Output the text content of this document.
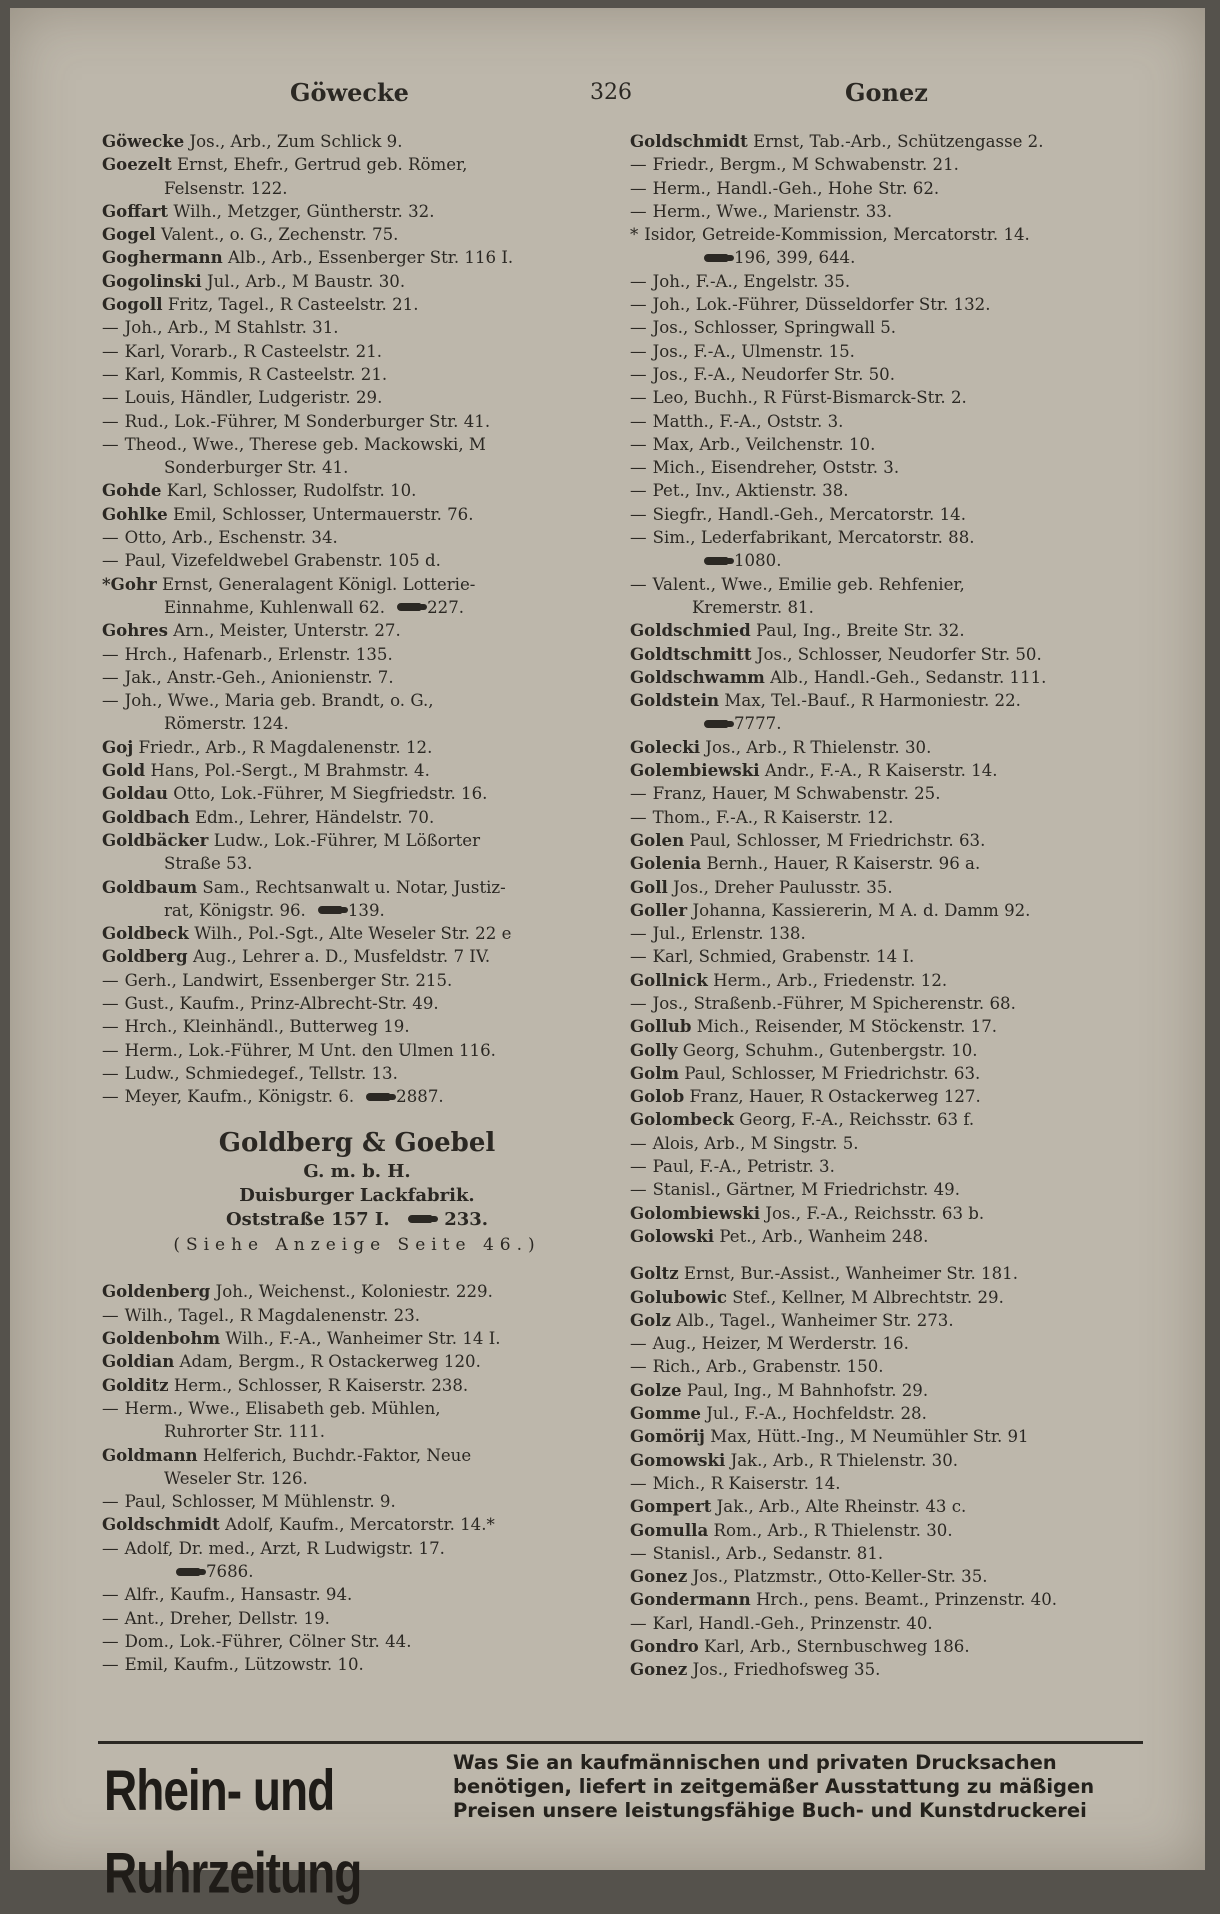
Göwecke	326	Gonez
Göwecke Jos., Arb., Zum Schlick 9.
Goezelt Ernst, Ehefr., Gertrud geb. Römer,
Felsenstr. 122.
Goffart Wilh., Metzger, Güntherstr. 32.
Gogel Valent., o. G., Zechenstr. 75.
Goghermann Alb., Arb., Essenberger Str. 116 I.
Gogolinski Jul., Arb., M Baustr. 30.
Gogoll Fritz, Tagel., R Casteelstr. 21.
— Joh., Arb., M Stahlstr. 31.
— Karl, Vorarb., R Casteelstr. 21.
— Karl, Kommis, R Casteelstr. 21.
— Louis, Händler, Ludgeristr. 29.
— Rud., Lok.-Führer, M Sonderburger Str. 41.
— Theod., Wwe., Therese geb. Mackowski, M
Sonderburger Str. 41.
Gohde Karl, Schlosser, Rudolfstr. 10.
Gohlke Emil, Schlosser, Untermauerstr. 76.
— Otto, Arb., Eschenstr. 34.
— Paul, Vizefeldwebel Grabenstr. 105 d.
*Gohr Ernst, Generalagent Königl. Lotterie-
Einnahme, Kuhlenwall 62.	227.
Gohres Arn., Meister, Unterstr. 27.
— Hrch., Hafenarb., Erlenstr. 135.
— Jak., Anstr.-Geh., Anionienstr. 7.
— Joh., Wwe., Maria geb. Brandt, o. G.,
Römerstr. 124.
Goj Friedr., Arb., R Magdalenenstr. 12.
Gold Hans, Pol.-Sergt., M Brahmstr. 4.
Goldau Otto, Lok.-Führer, M Siegfriedstr. 16.
Goldbach Edm., Lehrer, Händelstr. 70.
Goldbäcker Ludw., Lok.-Führer, M Lößorter
Straße 53.
Goldbaum Sam., Rechtsanwalt u. Notar, Justiz-
rat, Königstr. 96.	139.
Goldbeck Wilh., Pol.-Sgt., Alte Weseler Str. 22 e
Goldberg Aug., Lehrer a. D., Musfeldstr. 7 IV.
— Gerh., Landwirt, Essenberger Str. 215.
— Gust., Kaufm., Prinz-Albrecht-Str. 49.
— Hrch., Kleinhändl., Butterweg 19.
— Herm., Lok.-Führer, M Unt. den Ulmen 116.
— Ludw., Schmiedegef., Tellstr. 13.
— Meyer, Kaufm., Königstr. 6.	2887.
Goldberg & Goebel
G. m. b. H.
Duisburger Lackfabrik.
Oststraße 157 I.	233.
(Siehe Anzeige Seite 46.)
Goldenberg Joh., Weichenst., Koloniestr. 229.
— Wilh., Tagel., R Magdalenenstr. 23.
Goldenbohm Wilh., F.-A., Wanheimer Str. 14 I.
Goldian Adam, Bergm., R Ostackerweg 120.
Golditz Herm., Schlosser, R Kaiserstr. 238.
— Herm., Wwe., Elisabeth geb. Mühlen,
Ruhrorter Str. 111.
Goldmann Helferich, Buchdr.-Faktor, Neue
Weseler Str. 126.
— Paul, Schlosser, M Mühlenstr. 9.
Goldschmidt Adolf, Kaufm., Mercatorstr. 14.*
— Adolf, Dr. med., Arzt, R Ludwigstr. 17.
7686.
— Alfr., Kaufm., Hansastr. 94.
— Ant., Dreher, Dellstr. 19.
— Dom., Lok.-Führer, Cölner Str. 44.
— Emil, Kaufm., Lützowstr. 10.
Goldschmidt Ernst, Tab.-Arb., Schützengasse 2.
— Friedr., Bergm., M Schwabenstr. 21.
— Herm., Handl.-Geh., Hohe Str. 62.
— Herm., Wwe., Marienstr. 33.
* Isidor, Getreide-Kommission, Mercatorstr. 14.
196, 399, 644.
— Joh., F.-A., Engelstr. 35.
— Joh., Lok.-Führer, Düsseldorfer Str. 132.
— Jos., Schlosser, Springwall 5.
— Jos., F.-A., Ulmenstr. 15.
— Jos., F.-A., Neudorfer Str. 50.
— Leo, Buchh., R Fürst-Bismarck-Str. 2.
— Matth., F.-A., Oststr. 3.
— Max, Arb., Veilchenstr. 10.
— Mich., Eisendreher, Oststr. 3.
— Pet., Inv., Aktienstr. 38.
— Siegfr., Handl.-Geh., Mercatorstr. 14.
— Sim., Lederfabrikant, Mercatorstr. 88.
1080.
— Valent., Wwe., Emilie geb. Rehfenier,
Kremerstr. 81.
Goldschmied Paul, Ing., Breite Str. 32.
Goldtschmitt Jos., Schlosser, Neudorfer Str. 50.
Goldschwamm Alb., Handl.-Geh., Sedanstr. 111.
Goldstein Max, Tel.-Bauf., R Harmoniestr. 22.
7777.
Golecki Jos., Arb., R Thielenstr. 30.
Golembiewski Andr., F.-A., R Kaiserstr. 14.
— Franz, Hauer, M Schwabenstr. 25.
— Thom., F.-A., R Kaiserstr. 12.
Golen Paul, Schlosser, M Friedrichstr. 63.
Golenia Bernh., Hauer, R Kaiserstr. 96 a.
Goll Jos., Dreher Paulusstr. 35.
Goller Johanna, Kassiererin, M A. d. Damm 92.
— Jul., Erlenstr. 138.
— Karl, Schmied, Grabenstr. 14 I.
Gollnick Herm., Arb., Friedenstr. 12.
— Jos., Straßenb.-Führer, M Spicherenstr. 68.
Gollub Mich., Reisender, M Stöckenstr. 17.
Golly Georg, Schuhm., Gutenbergstr. 10.
Golm Paul, Schlosser, M Friedrichstr. 63.
Golob Franz, Hauer, R Ostackerweg 127.
Golombeck Georg, F.-A., Reichsstr. 63 f.
— Alois, Arb., M Singstr. 5.
— Paul, F.-A., Petristr. 3.
— Stanisl., Gärtner, M Friedrichstr. 49.
Golombiewski Jos., F.-A., Reichsstr. 63 b.
Golowski Pet., Arb., Wanheim 248.
Goltz Ernst, Bur.-Assist., Wanheimer Str. 181.
Golubowic Stef., Kellner, M Albrechtstr. 29.
Golz Alb., Tagel., Wanheimer Str. 273.
— Aug., Heizer, M Werderstr. 16.
— Rich., Arb., Grabenstr. 150.
Golze Paul, Ing., M Bahnhofstr. 29.
Gomme Jul., F.-A., Hochfeldstr. 28.
Gomörij Max, Hütt.-Ing., M Neumühler Str. 91
Gomowski Jak., Arb., R Thielenstr. 30.
— Mich., R Kaiserstr. 14.
Gompert Jak., Arb., Alte Rheinstr. 43 c.
Gomulla Rom., Arb., R Thielenstr. 30.
— Stanisl., Arb., Sedanstr. 81.
Gonez Jos., Platzmstr., Otto-Keller-Str. 35.
Gondermann Hrch., pens. Beamt., Prinzenstr. 40.
— Karl, Handl.-Geh., Prinzenstr. 40.
Gondro Karl, Arb., Sternbuschweg 186.
Gonez Jos., Friedhofsweg 35.
Rhein- und Ruhrzeitung
Was Sie an kaufmännischen und privaten Drucksachen
benötigen, liefert in zeitgemäßer Ausstattung zu mäßigen
Preisen unsere leistungsfähige Buch- und Kunstdruckerei
